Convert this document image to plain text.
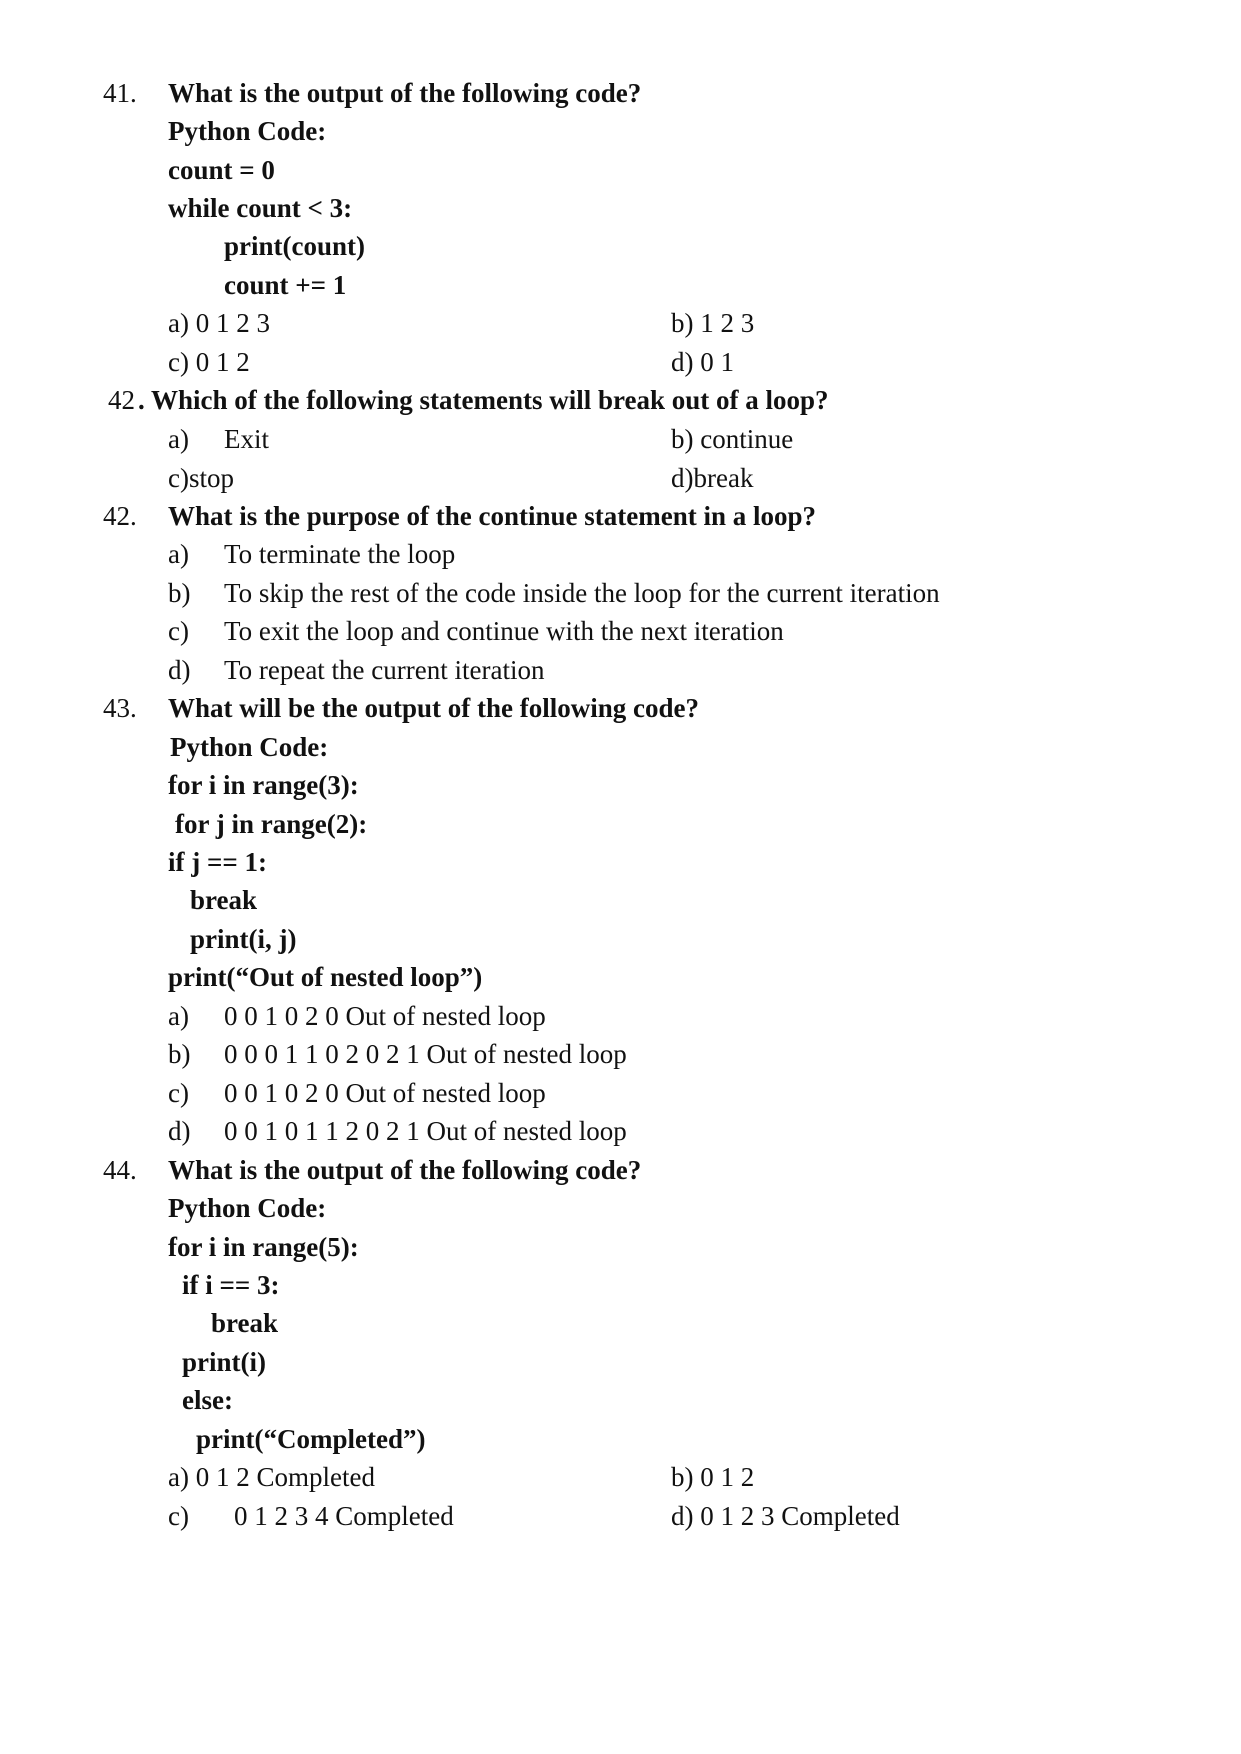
41. What is the output of the following code?
Python Code:
count = 0
while count < 3:
print(count)
count += 1
a) 0 1 2 3	b) 1 2 3
c) 0 1 2	d) 0 1
42 . Which of the following statements will break out of a loop?
a) Exit	b) continue
c)stop	d)break
42. What is the purpose of the continue statement in a loop?
a) To terminate the loop
b) To skip the rest of the code inside the loop for the current iteration
c) To exit the loop and continue with the next iteration
d) To repeat the current iteration
43. What will be the output of the following code?
Python Code:
for i in range(3):
for j in range(2):
if j == 1:
break
print(i, j)
print(“Out of nested loop”)
a) 0 0 1 0 2 0 Out of nested loop
b) 0 0 0 1 1 0 2 0 2 1 Out of nested loop
c) 0 0 1 0 2 0 Out of nested loop
d) 0 0 1 0 1 1 2 0 2 1 Out of nested loop
44. What is the output of the following code?
Python Code:
for i in range(5):
if i == 3:
break
print(i)
else:
print(“Completed”)
a) 0 1 2 Completed	b) 0 1 2
c) 0 1 2 3 4 Completed	d) 0 1 2 3 Completed
